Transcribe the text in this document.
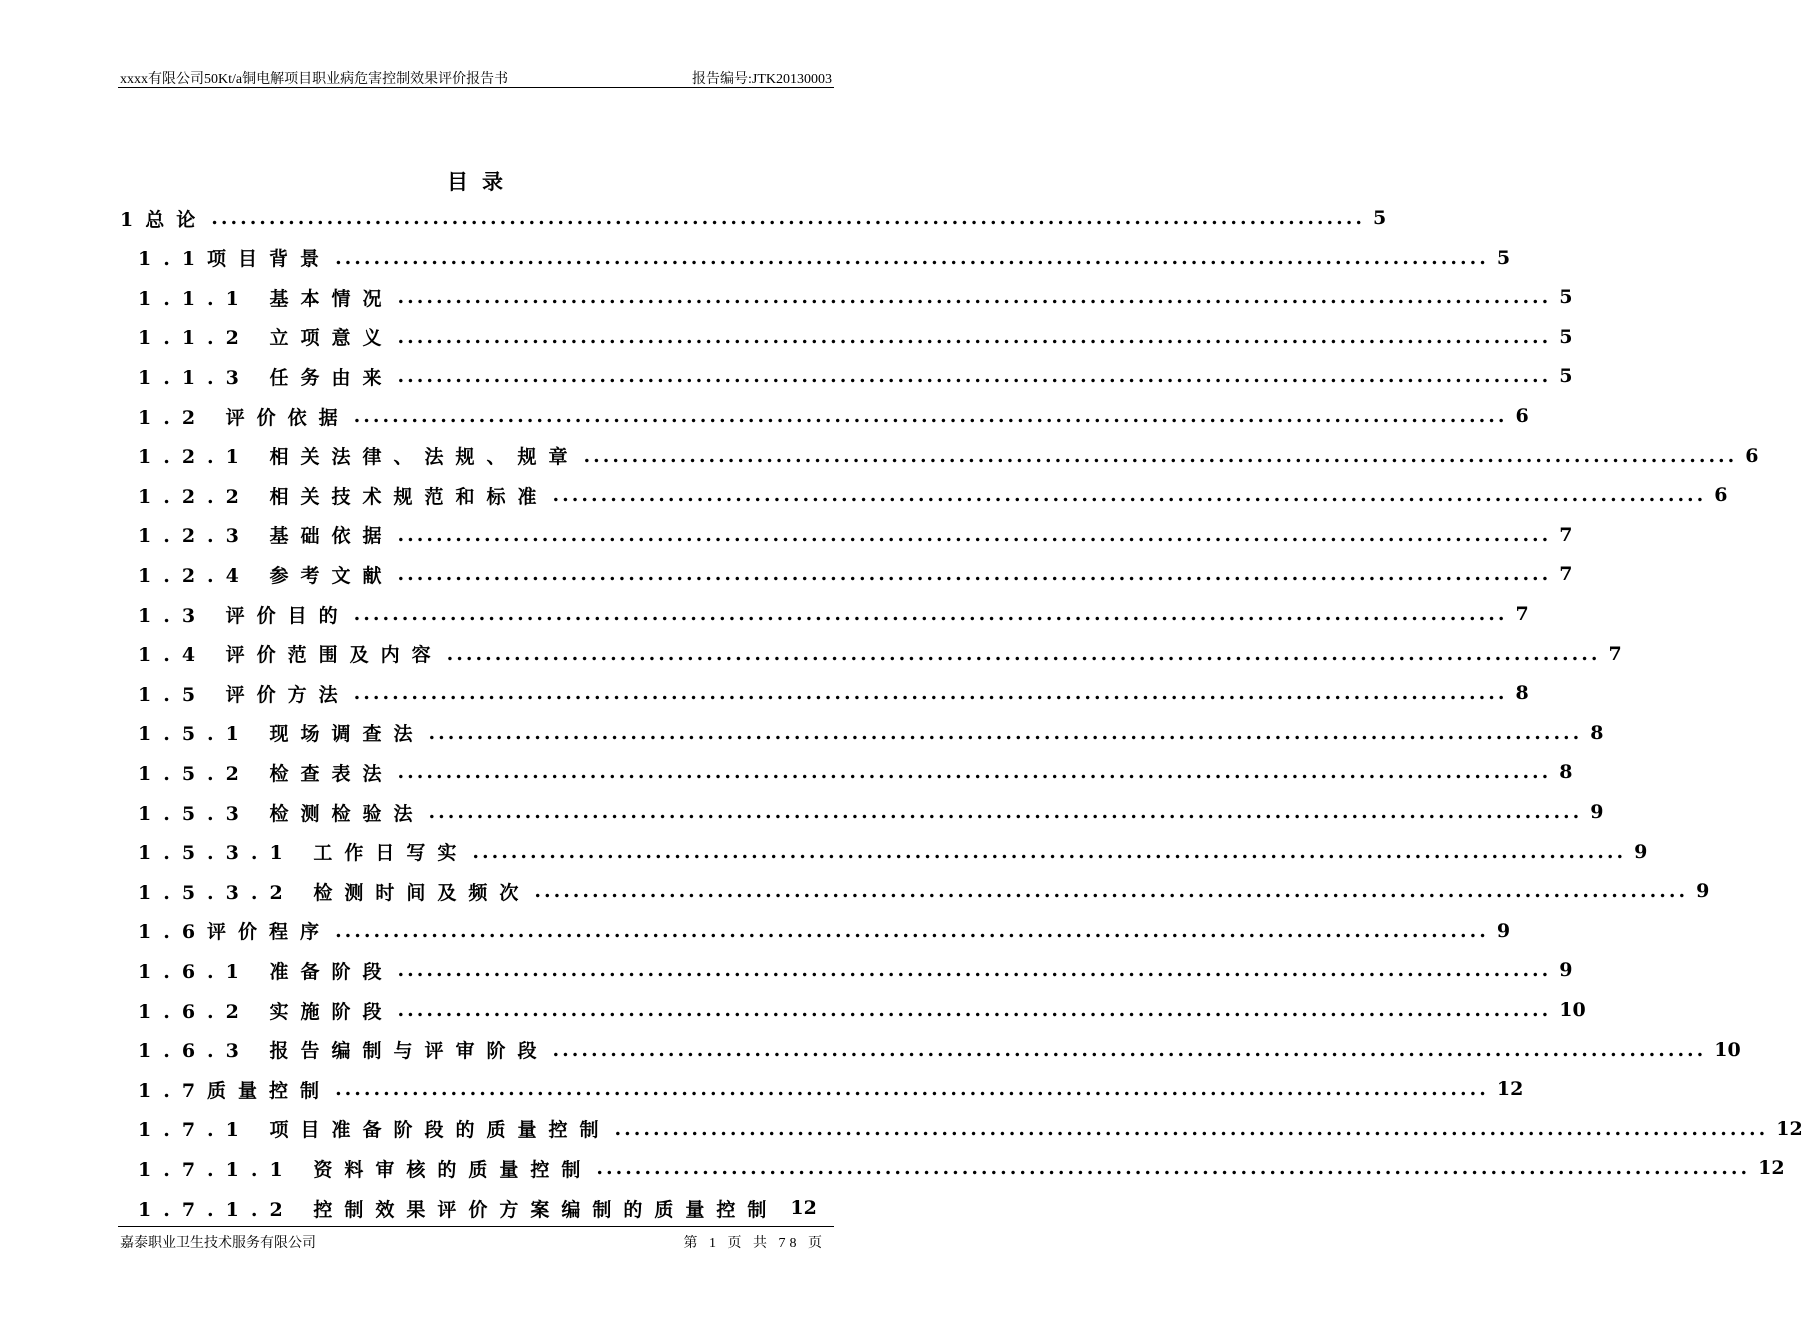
xxxx有限公司50Kt/a铜电解项目职业病危害控制效果评价报告书	报告编号:JTK20130003
目录
1总论 ........................................................................................................................ 5
1.1项目背景 ........................................................................................................................ 5
1.1.1 基本情况 ........................................................................................................................ 5
1.1.2 立项意义 ........................................................................................................................ 5
1.1.3 任务由来 ........................................................................................................................ 5
1.2 评价依据 ........................................................................................................................ 6
1.2.1 相关法律、法规、规章 ........................................................................................................................ 6
1.2.2 相关技术规范和标准 ........................................................................................................................ 6
1.2.3 基础依据 ........................................................................................................................ 7
1.2.4 参考文献 ........................................................................................................................ 7
1.3 评价目的 ........................................................................................................................ 7
1.4 评价范围及内容 ........................................................................................................................ 7
1.5 评价方法 ........................................................................................................................ 8
1.5.1 现场调查法 ........................................................................................................................ 8
1.5.2 检查表法 ........................................................................................................................ 8
1.5.3 检测检验法 ........................................................................................................................ 9
1.5.3.1 工作日写实 ........................................................................................................................ 9
1.5.3.2 检测时间及频次 ........................................................................................................................ 9
1.6评价程序 ........................................................................................................................ 9
1.6.1 准备阶段 ........................................................................................................................ 9
1.6.2 实施阶段 ........................................................................................................................ 10
1.6.3 报告编制与评审阶段 ........................................................................................................................ 10
1.7质量控制 ........................................................................................................................ 12
1.7.1 项目准备阶段的质量控制 ........................................................................................................................ 12
1.7.1.1 资料审核的质量控制 ........................................................................................................................ 12
1.7.1.2 控制效果评价方案编制的质量控制 12
嘉泰职业卫生技术服务有限公司	第 1 页 共 78 页
